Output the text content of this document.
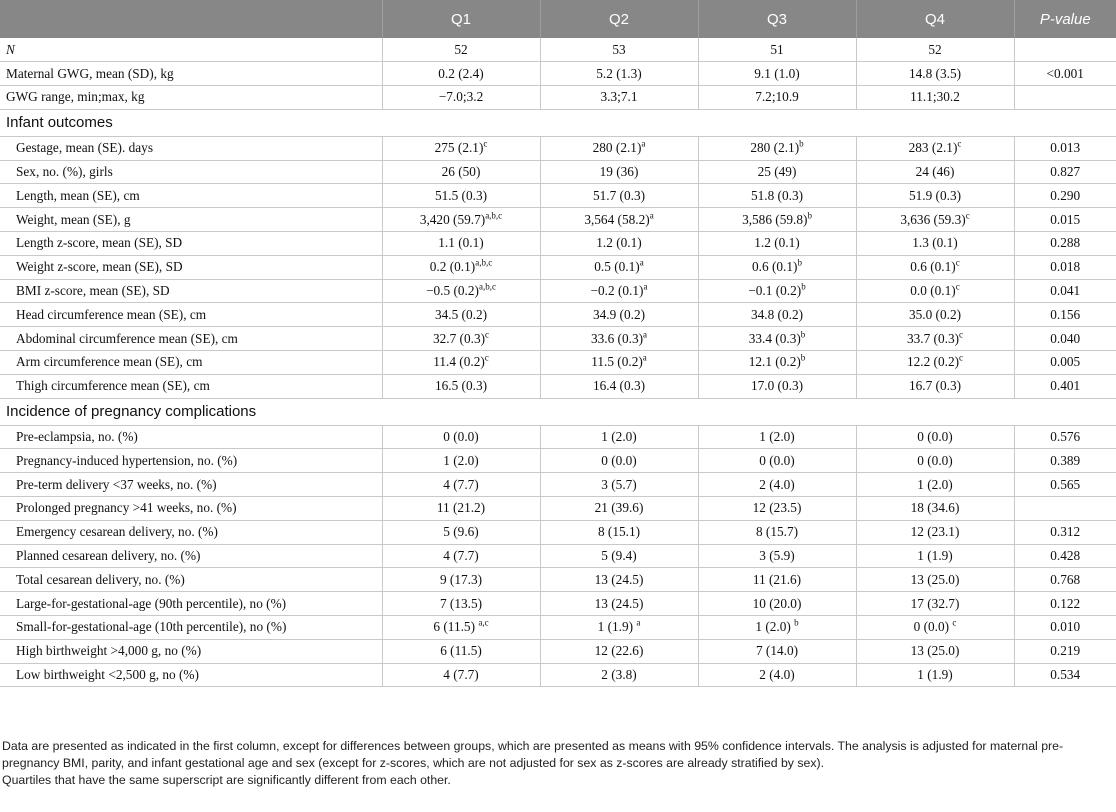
	Q1	Q2	Q3	Q4	P-value
N	52	53	51	52	
Maternal GWG, mean (SD), kg	0.2 (2.4)	5.2 (1.3)	9.1 (1.0)	14.8 (3.5)	<0.001
GWG range, min;max, kg	−7.0;3.2	3.3;7.1	7.2;10.9	11.1;30.2	
Infant outcomes					
Gestage, mean (SE). days	275 $(2.1)^c$	280 $(2.1)^a$	280 $(2.1)^b$	283 $(2.1)^c$	0.013
Sex, no. (%), girls	26 (50)	19 (36)	25 (49)	24 (46)	0.827
Length, mean (SE), cm	51.5 (0.3)	51.7 (0.3)	51.8 (0.3)	51.9 (0.3)	0.290
Weight, mean (SE), g	3,420 $(59.7)^{a,b,c}$	3,564 $(58.2)^a$	3,586 $(59.8)^b$	3,636 $(59.3)^c$	0.015
Length z-score, mean (SE), SD	1.1 (0.1)	1.2 (0.1)	1.2 (0.1)	1.3 (0.1)	0.288
Weight z-score, mean (SE), SD	0.2 $(0.1)^{a,b,c}$	0.5 $(0.1)^a$	0.6 $(0.1)^b$	0.6 $(0.1)^c$	0.018
BMI z-score, mean (SE), SD	−0.5 $(0.2)^{a,b,c}$	−0.2 $(0.1)^a$	−0.1 $(0.2)^b$	0.0 $(0.1)^c$	0.041
Head circumference mean (SE), cm	34.5 (0.2)	34.9 (0.2)	34.8 (0.2)	35.0 (0.2)	0.156
Abdominal circumference mean (SE), cm	32.7 $(0.3)^c$	33.6 $(0.3)^a$	33.4 $(0.3)^b$	33.7 $(0.3)^c$	0.040
Arm circumference mean (SE), cm	11.4 $(0.2)^c$	11.5 $(0.2)^a$	12.1 $(0.2)^b$	12.2 $(0.2)^c$	0.005
Thigh circumference mean (SE), cm	16.5 (0.3)	16.4 (0.3)	17.0 (0.3)	16.7 (0.3)	0.401
Incidence of pregnancy complications					
Pre-eclampsia, no. (%)	0 (0.0)	1 (2.0)	1 (2.0)	0 (0.0)	0.576
Pregnancy-induced hypertension, no. (%)	1 (2.0)	0 (0.0)	0 (0.0)	0 (0.0)	0.389
Pre-term delivery <37 weeks, no. (%)	4 (7.7)	3 (5.7)	2 (4.0)	1 (2.0)	0.565
Prolonged pregnancy >41 weeks, no. (%)	11 (21.2)	21 (39.6)	12 (23.5)	18 (34.6)	
Emergency cesarean delivery, no. (%)	5 (9.6)	8 (15.1)	8 (15.7)	12 (23.1)	0.312
Planned cesarean delivery, no. (%)	4 (7.7)	5 (9.4)	3 (5.9)	1 (1.9)	0.428
Total cesarean delivery, no. (%)	9 (17.3)	13 (24.5)	11 (21.6)	13 (25.0)	0.768
Large-for-gestational-age (90th percentile), no (%)	7 (13.5)	13 (24.5)	10 (20.0)	17 (32.7)	0.122
Small-for-gestational-age (10th percentile), no (%)	6 (11.5) $^{a,c}$	1 (1.9) $^a$	1 (2.0) $^b$	0 (0.0) $^c$	0.010
High birthweight >4,000 g, no (%)	6 (11.5)	12 (22.6)	7 (14.0)	13 (25.0)	0.219
Low birthweight <2,500 g, no (%)	4 (7.7)	2 (3.8)	2 (4.0)	1 (1.9)	0.534

Data are presented as indicated in the first column, except for differences between groups, which are presented as means with 95% confidence intervals. The analysis is adjusted for maternal pre-pregnancy BMI, parity, and infant gestational age and sex (except for z-scores, which are not adjusted for sex as z-scores are already stratified by sex).

Quartiles that have the same superscript are significantly different from each other.
